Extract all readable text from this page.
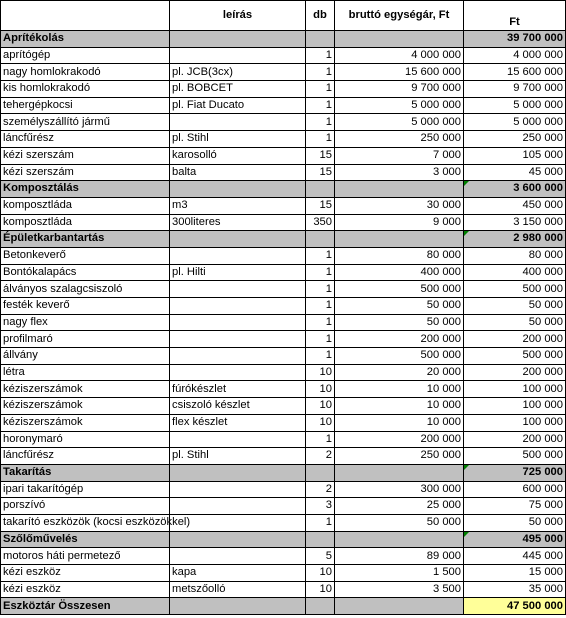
	leírás	db	bruttó egységár, Ft	Ft
Aprítékolás				39 700 000
aprítógép		1	4 000 000	4 000 000
nagy homlokrakodó	pl. JCB(3cx)	1	15 600 000	15 600 000
kis homlokrakodó	pl. BOBCET	1	9 700 000	9 700 000
tehergépkocsi	pl. Fiat Ducato	1	5 000 000	5 000 000
személyszállító jármű		1	5 000 000	5 000 000
láncfűrész	pl. Stihl	1	250 000	250 000
kézi szerszám	karosolló	15	7 000	105 000
kézi szerszám	balta	15	3 000	45 000
Komposztálás				3 600 000

komposztláda	m3	15	30 000	450 000
komposztláda	300literes	350	9 000	3 150 000
Épületkarbantartás				2 980 000

Betonkeverő		1	80 000	80 000
Bontókalapács	pl. Hilti	1	400 000	400 000
álványos szalagcsiszoló		1	500 000	500 000
festék keverő		1	50 000	50 000
nagy flex		1	50 000	50 000
profilmaró		1	200 000	200 000
állvány		1	500 000	500 000
létra		10	20 000	200 000
kéziszerszámok	fúrókészlet	10	10 000	100 000
kéziszerszámok	csiszoló készlet	10	10 000	100 000
kéziszerszámok	flex készlet	10	10 000	100 000
horonymaró		1	200 000	200 000
láncfűrész	pl. Stihl	2	250 000	500 000
Takarítás				725 000

ipari takarítógép		2	300 000	600 000
porszívó		3	25 000	75 000
takarító eszközök (kocsi eszközökkel)		1	50 000	50 000
Szőlőművelés				495 000

motoros háti permetező		5	89 000	445 000
kézi eszköz	kapa	10	1 500	15 000
kézi eszköz	metszőolló	10	3 500	35 000
Eszköztár Összesen				47 500 000
